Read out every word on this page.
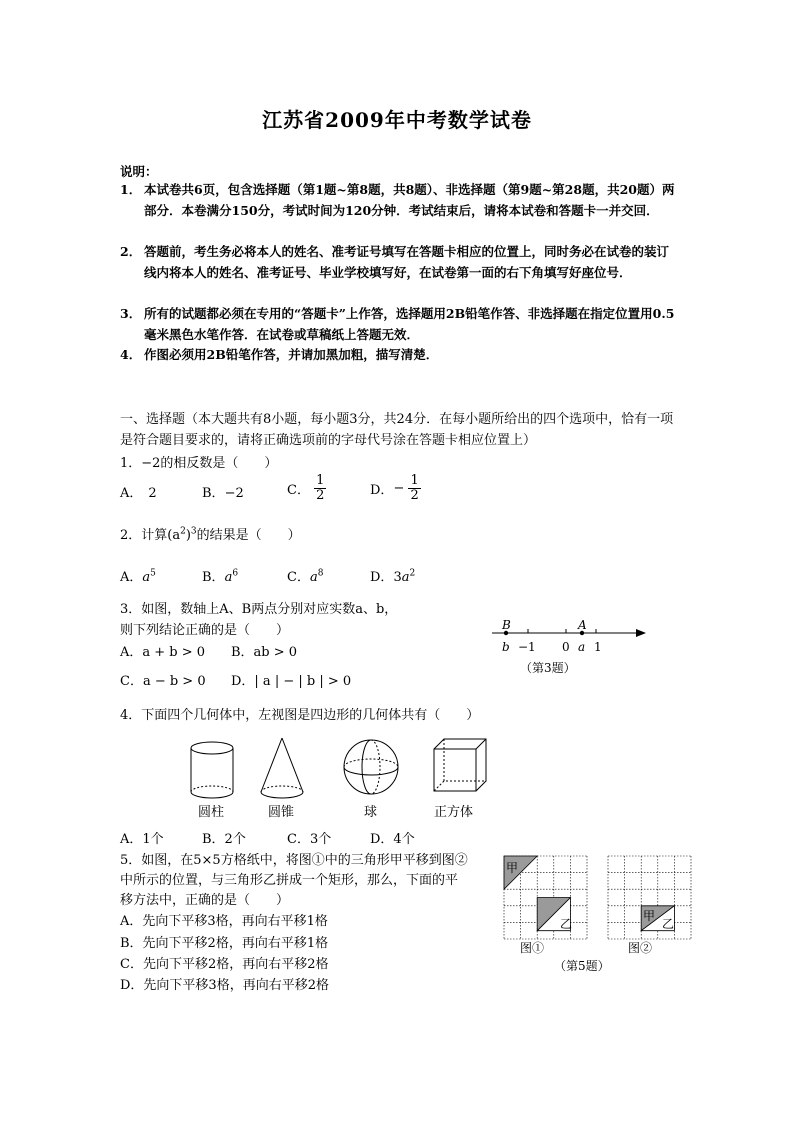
江苏省2009年中考数学试卷
说明：
1． 本试卷共6页，包含选择题（第1题~第8题，共8题）、非选择题（第9题~第28题，共20题）两部分．本卷满分150分，考试时间为120分钟．考试结束后，请将本试卷和答题卡一并交回．
2． 答题前，考生务必将本人的姓名、准考证号填写在答题卡相应的位置上，同时务必在试卷的装订线内将本人的姓名、准考证号、毕业学校填写好，在试卷第一面的右下角填写好座位号．
3． 所有的试题都必须在专用的“答题卡”上作答，选择题用2B铅笔作答、非选择题在指定位置用0.5毫米黑色水笔作答．在试卷或草稿纸上答题无效．
4． 作图必须用2B铅笔作答，并请加黑加粗，描写清楚．
一、选择题（本大题共有8小题，每小题3分，共24分．在每小题所给出的四个选项中，恰有一项是符合题目要求的，请将正确选项前的字母代号涂在答题卡相应位置上）
1．−2的相反数是（　　）
A． 2	B．−2	C． $\frac{1}{2}$	D．− $\frac{1}{2}$
2．计算$(a^2)^3$的结果是（　　）
A．$a^5$	B．$a^6$	C．$a^8$	D．$3a^2$
3．如图，数轴上A、B两点分别对应实数a、b，
则下列结论正确的是（　　）
A．a + b > 0 B．ab > 0
C．a − b > 0 D．| a | − | b | > 0
B	A
b −1 0 a 1
（第3题）
4．下面四个几何体中，左视图是四边形的几何体共有（　　）
圆柱	圆锥	球	正方体
A．1个	B．2个	C．3个	D．4个
5．如图，在5×5方格纸中，将图①中的三角形甲平移到图②
中所示的位置，与三角形乙拼成一个矩形，那么，下面的平
移方法中，正确的是（　　）
A．先向下平移3格，再向右平移1格
B．先向下平移2格，再向右平移1格
C．先向下平移2格，再向右平移2格
D．先向下平移3格，再向右平移2格
甲
乙
甲
乙
图①	图②
（第5题）
